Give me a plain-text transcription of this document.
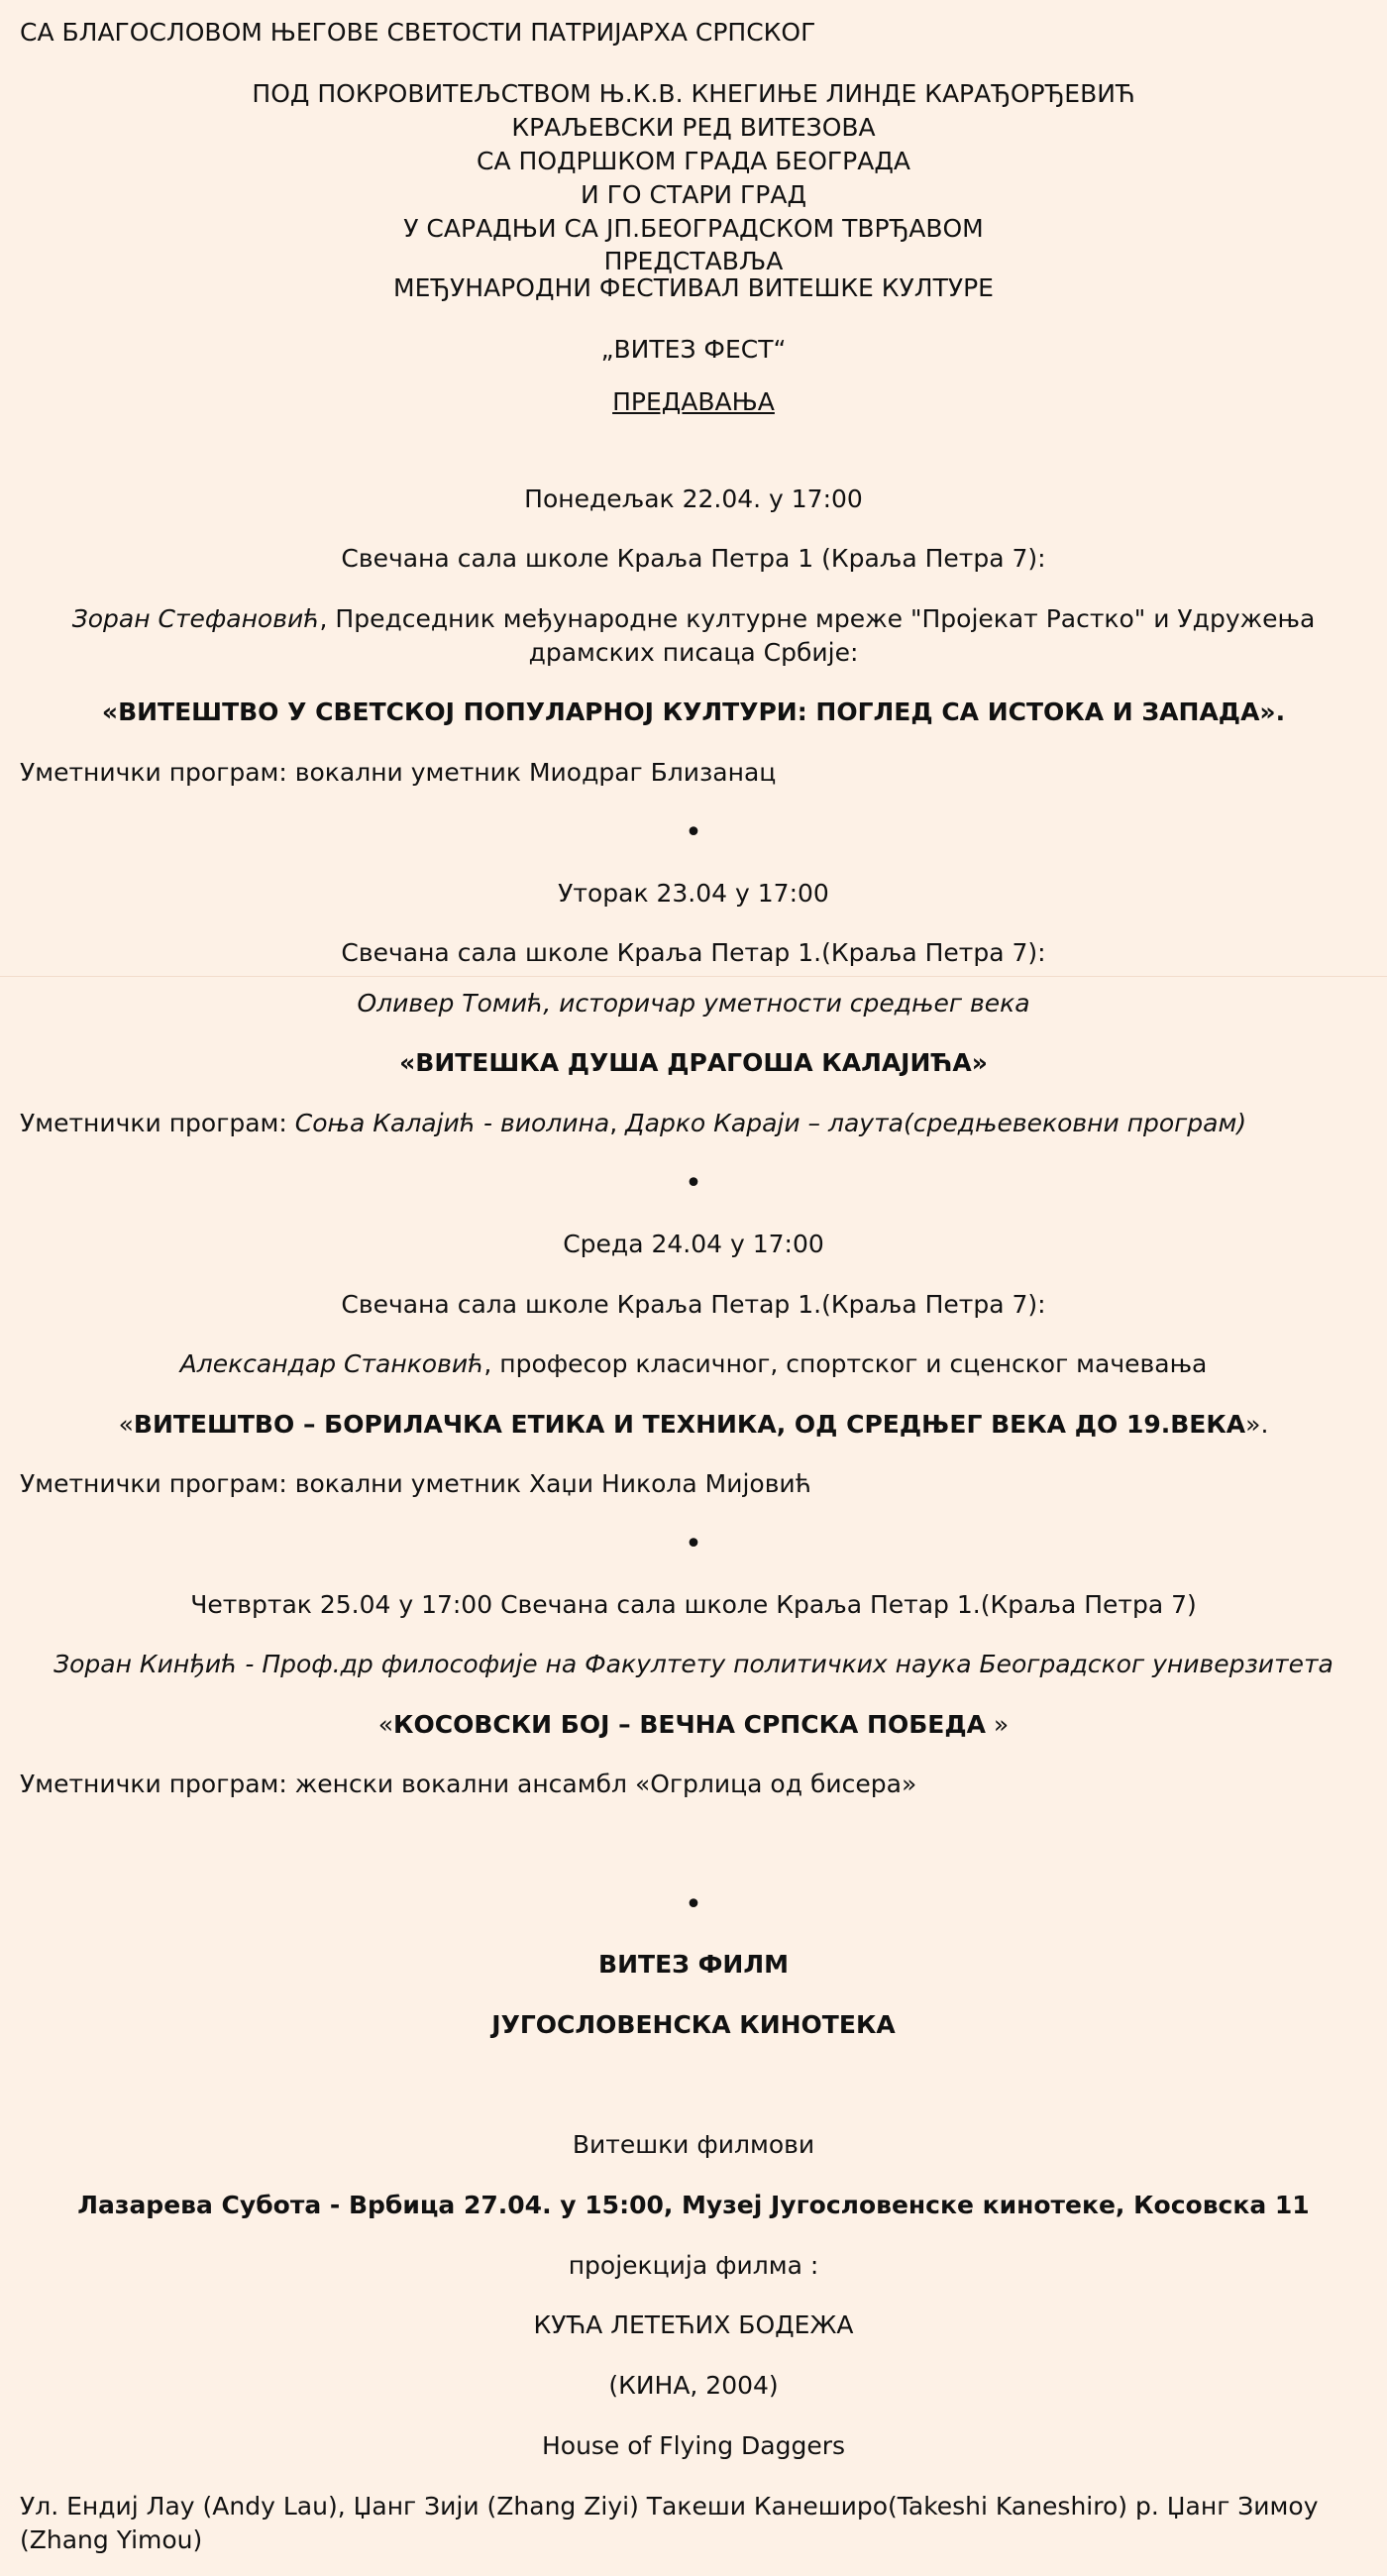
СА БЛАГОСЛОВОМ ЊЕГОВЕ СВЕТОСТИ ПАТРИЈАРХА СРПСКОГ
ПОД ПОКРОВИТЕЉСТВОМ Њ.К.В. КНЕГИЊЕ ЛИНДЕ КАРАЂОРЂЕВИЋ
КРАЉЕВСКИ РЕД ВИТЕЗОВА
СА ПОДРШКОМ ГРАДА БЕОГРАДА
И ГО СТАРИ ГРАД
У САРАДЊИ СА ЈП.БЕОГРАДСКОМ ТВРЂАВОМ
ПРЕДСТАВЉА
МЕЂУНАРОДНИ ФЕСТИВАЛ ВИТЕШКЕ КУЛТУРЕ
„ВИТЕЗ ФЕСТ“
ПРЕДАВАЊА
Понедељак 22.04. у 17:00
Свечана сала школе Краља Петра 1 (Краља Петра 7):
Зоран Стефановић, Председник међународне културне мреже "Пројекат Растко" и Удружења драмских писаца Србије:
«ВИТЕШТВО У СВЕТСКОЈ ПОПУЛАРНОЈ КУЛТУРИ: ПОГЛЕД СА ИСТОКА И ЗАПАДА».
Уметнички програм: вокални уметник Миодраг Близанац
•
Уторак 23.04 у 17:00
Свечана сала школе Краља Петар 1.(Краља Петра 7):
Оливер Томић, историчар уметности средњег века
«ВИТЕШКА ДУША ДРАГОША КАЛАЈИЋА»
Уметнички програм: Соња Калајић - виолина, Дарко Караји – лаута(средњевековни програм)
•
Среда 24.04 у 17:00
Свечана сала школе Краља Петар 1.(Краља Петра 7):
Александар Станковић, професор класичног, спортског и сценског мачевања
«ВИТЕШТВО – БОРИЛАЧКА ЕТИКА И ТЕХНИКА, ОД СРЕДЊЕГ ВЕКА ДО 19.ВЕКА».
Уметнички програм: вокални уметник Хаџи Никола Мијовић
•
Четвртак 25.04 у 17:00 Свечана сала школе Краља Петар 1.(Краља Петра 7)
Зоран Кинђић - Проф.др философије на Факултету политичких наука Београдског универзитета
«КОСОВСКИ БОЈ – ВЕЧНА СРПСКА ПОБЕДА »
Уметнички програм: женски вокални ансамбл «Огрлица од бисера»
•
ВИТЕЗ ФИЛМ
ЈУГОСЛОВЕНСКА КИНОТЕКА
Витешки филмови
Лазарева Субота - Врбица 27.04. у 15:00, Музеј Југословенске кинотеке, Косовска 11
пројекција филма :
КУЋА ЛЕТЕЋИХ БОДЕЖА
(КИНА, 2004)
House of Flying Daggers
Ул. Ендиј Лау (Andy Lau), Џанг Зији (Zhang Ziyi) Такеши Канеширо(Takeshi Kaneshiro) р. Џанг Зимоу (Zhang Yimou)
